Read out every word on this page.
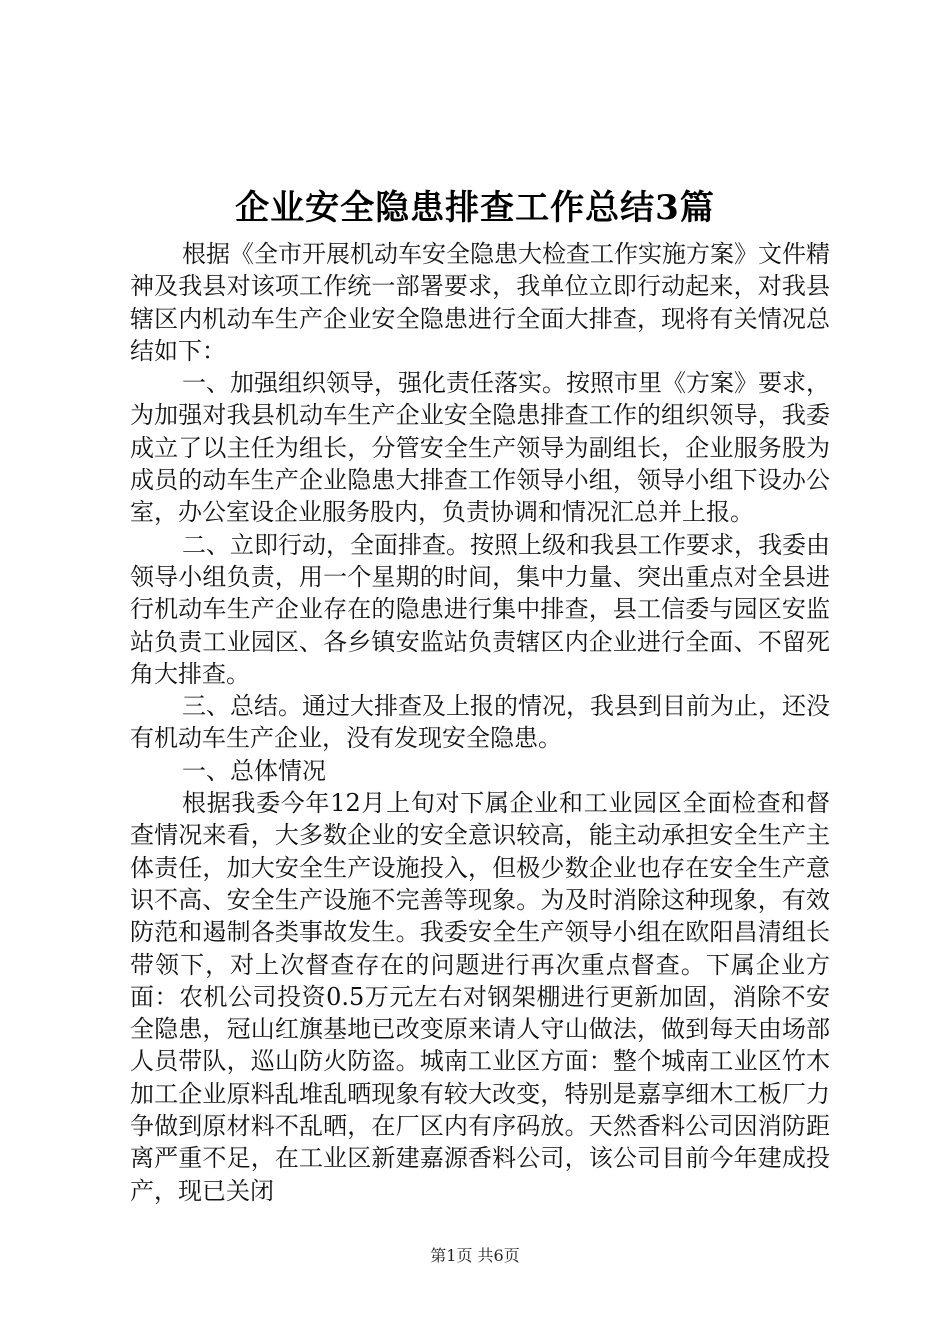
企业安全隐患排查工作总结3篇

根据《全市开展机动车安全隐患大检查工作实施方案》文件精神及我县对该项工作统一部署要求，我单位立即行动起来，对我县辖区内机动车生产企业安全隐患进行全面大排查，现将有关情况总结如下：

一、加强组织领导，强化责任落实。按照市里《方案》要求，为加强对我县机动车生产企业安全隐患排查工作的组织领导，我委成立了以主任为组长，分管安全生产领导为副组长，企业服务股为成员的动车生产企业隐患大排查工作领导小组，领导小组下设办公室，办公室设企业服务股内，负责协调和情况汇总并上报。

二、立即行动，全面排查。按照上级和我县工作要求，我委由领导小组负责，用一个星期的时间，集中力量、突出重点对全县进行机动车生产企业存在的隐患进行集中排查，县工信委与园区安监站负责工业园区、各乡镇安监站负责辖区内企业进行全面、不留死角大排查。

三、总结。通过大排查及上报的情况，我县到目前为止，还没有机动车生产企业，没有发现安全隐患。

一、总体情况

根据我委今年12月上旬对下属企业和工业园区全面检查和督查情况来看，大多数企业的安全意识较高，能主动承担安全生产主体责任，加大安全生产设施投入，但极少数企业也存在安全生产意识不高、安全生产设施不完善等现象。为及时消除这种现象，有效防范和遏制各类事故发生。我委安全生产领导小组在欧阳昌清组长带领下，对上次督查存在的问题进行再次重点督查。下属企业方面：农机公司投资0.5万元左右对钢架棚进行更新加固，消除不安全隐患，冠山红旗基地已改变原来请人守山做法，做到每天由场部人员带队，巡山防火防盗。城南工业区方面：整个城南工业区竹木加工企业原料乱堆乱晒现象有较大改变，特别是嘉享细木工板厂力争做到原材料不乱晒，在厂区内有序码放。天然香料公司因消防距离严重不足，在工业区新建嘉源香料公司，该公司目前今年建成投产，现已关闭

第1页 共6页
